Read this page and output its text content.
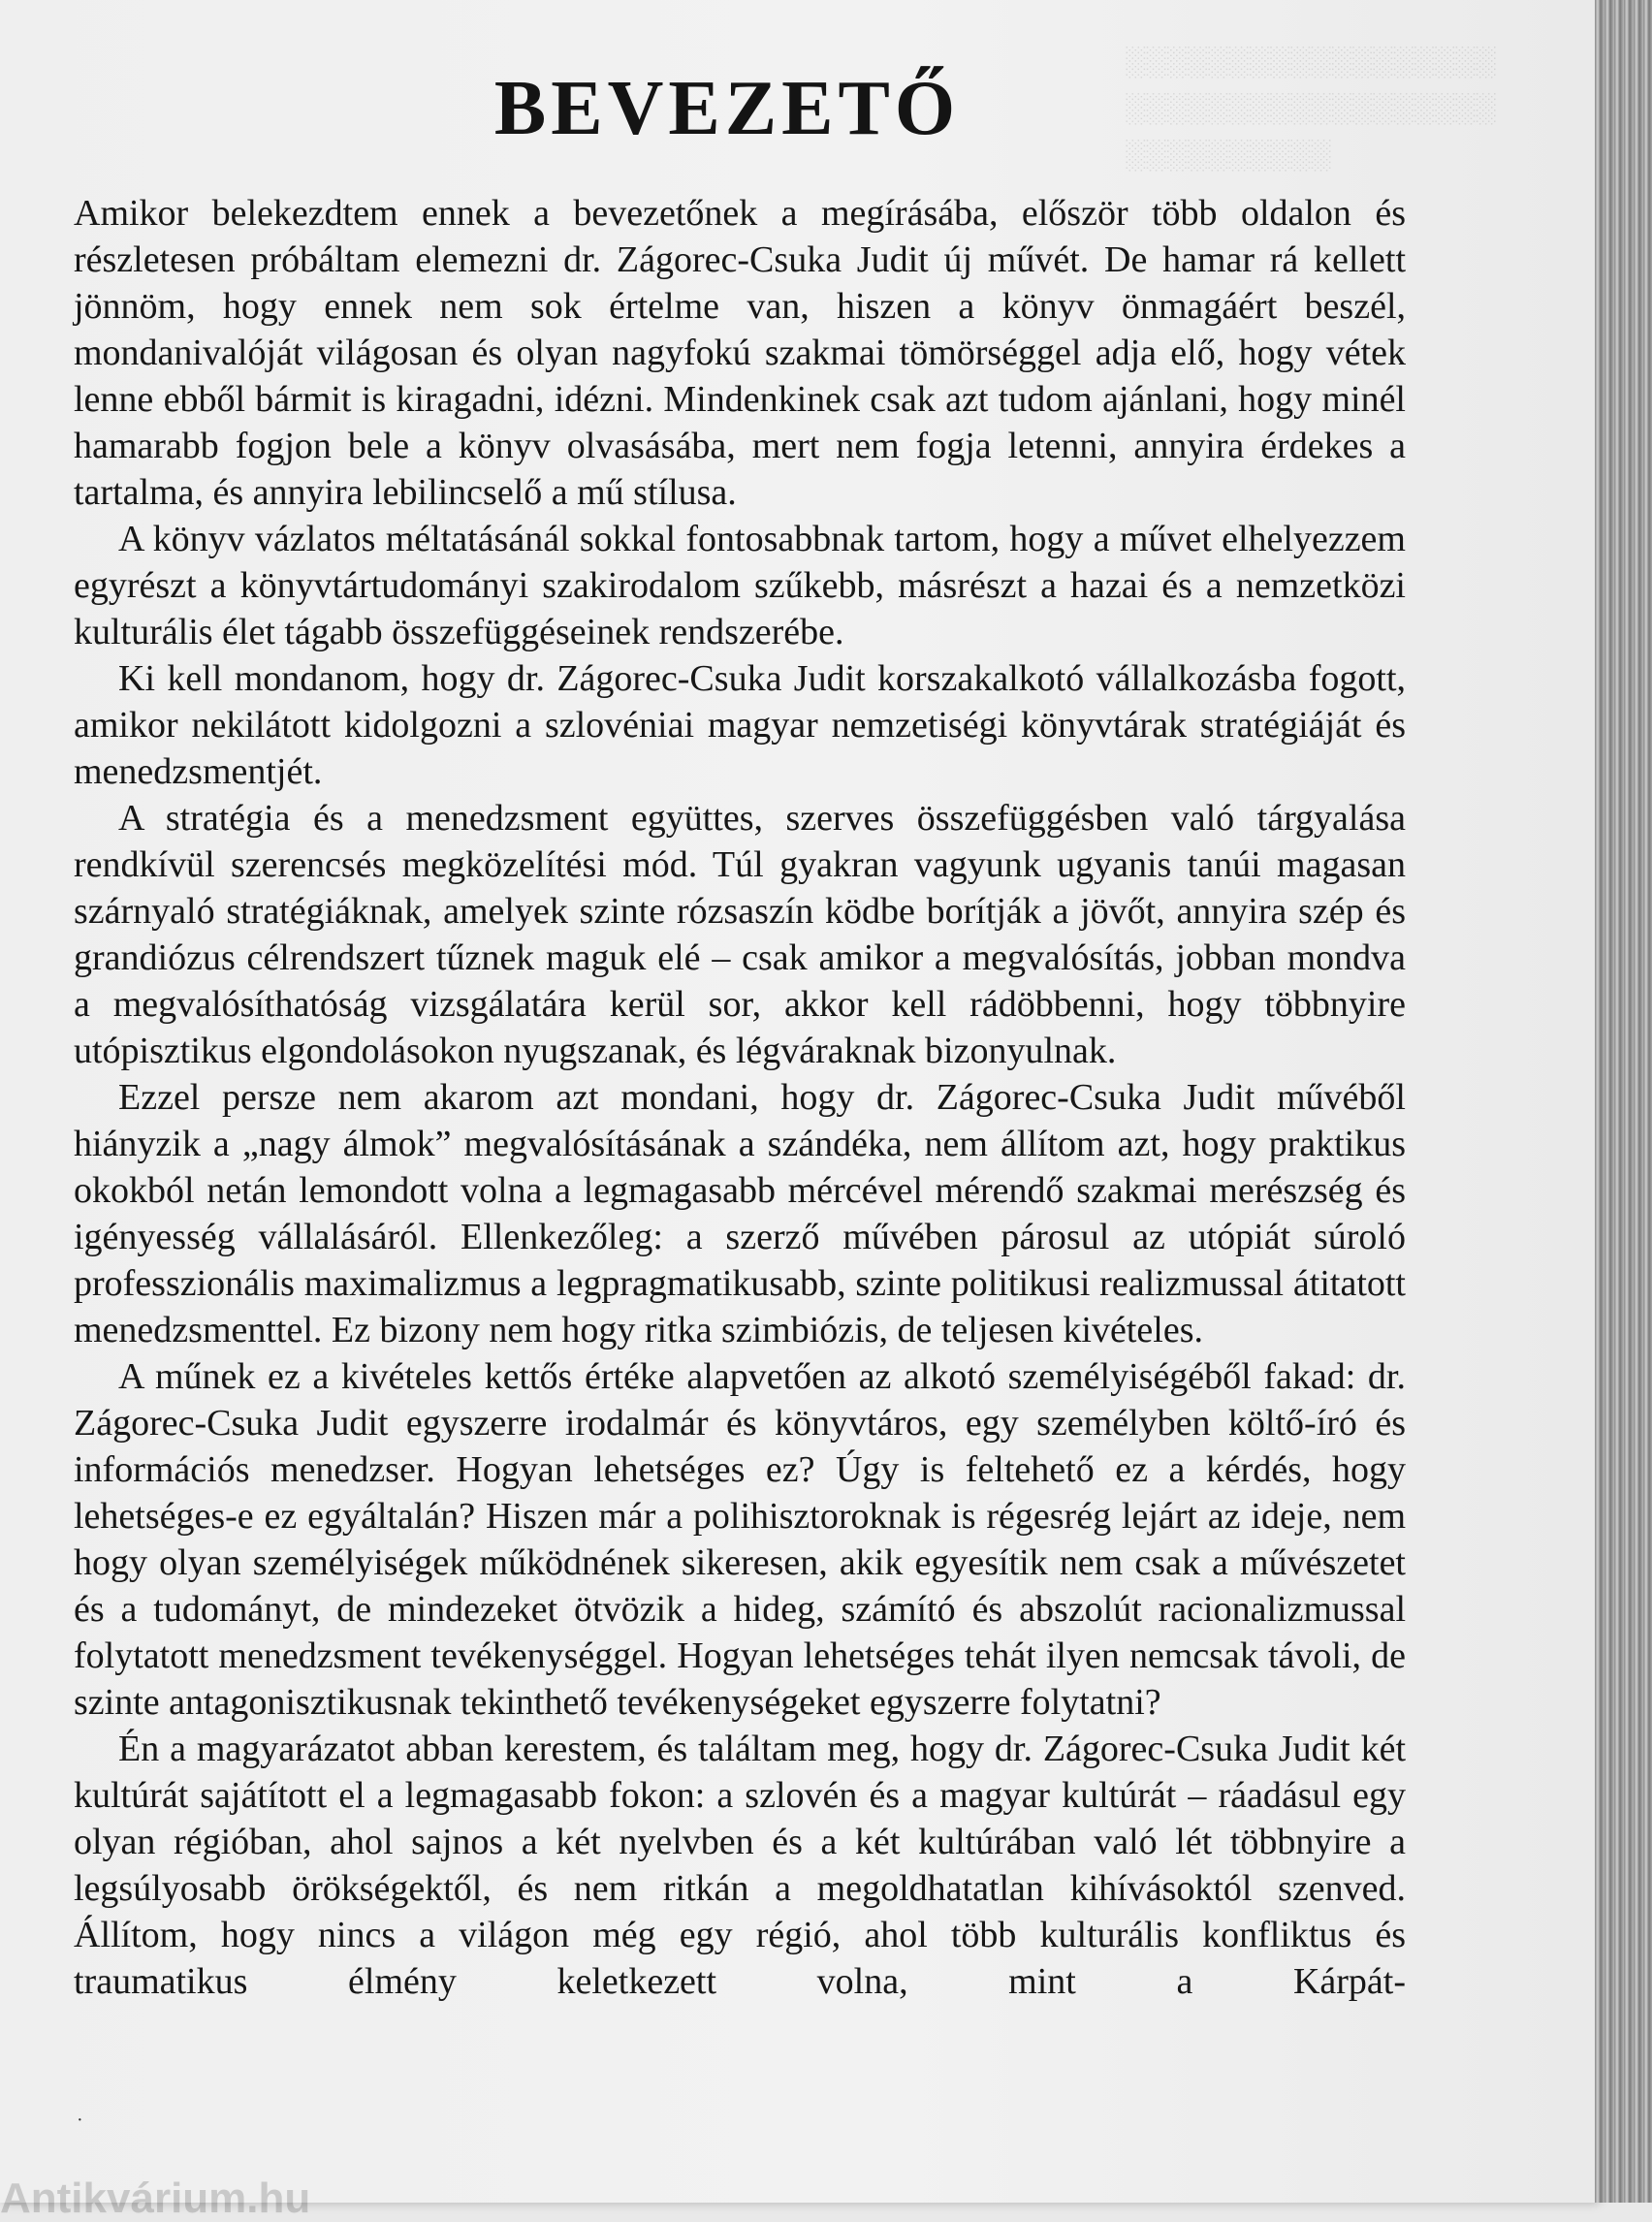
░░░░░░░░░░░░░░░░░░
░░░░░░░░░░░░░░░░░░
░░░░░░░░░░
BEVEZETŐ

Amikor belekezdtem ennek a bevezetőnek a megírásába, először több oldalon és részletesen próbáltam elemezni dr. Zágorec-Csuka Judit új művét. De hamar rá kellett jönnöm, hogy ennek nem sok értelme van, hiszen a könyv önmagáért beszél, mondanivalóját világosan és olyan nagyfokú szakmai tömörséggel adja elő, hogy vétek lenne ebből bármit is kiragadni, idézni. Mindenkinek csak azt tudom ajánlani, hogy minél hamarabb fogjon bele a könyv olvasásába, mert nem fogja letenni, annyira érdekes a tartalma, és annyira lebilincselő a mű stílusa.

A könyv vázlatos méltatásánál sokkal fontosabbnak tartom, hogy a művet elhelyezzem egyrészt a könyvtártudományi szakirodalom szűkebb, másrészt a hazai és a nemzetközi kulturális élet tágabb összefüggéseinek rendszerébe.

Ki kell mondanom, hogy dr. Zágorec-Csuka Judit korszakalkotó vállalkozásba fogott, amikor nekilátott kidolgozni a szlovéniai magyar nemzetiségi könyvtárak stratégiáját és menedzsmentjét.

A stratégia és a menedzsment együttes, szerves összefüggésben való tárgyalása rendkívül szerencsés megközelítési mód. Túl gyakran vagyunk ugyanis tanúi magasan szárnyaló stratégiáknak, amelyek szinte rózsaszín ködbe borítják a jövőt, annyira szép és grandiózus célrendszert tűznek maguk elé – csak amikor a megvalósítás, jobban mondva a megvalósíthatóság vizsgálatára kerül sor, akkor kell rádöbbenni, hogy többnyire utópisztikus elgondolásokon nyugszanak, és légváraknak bizonyulnak.

Ezzel persze nem akarom azt mondani, hogy dr. Zágorec-Csuka Judit művéből hiányzik a „nagy álmok” megvalósításának a szándéka, nem állítom azt, hogy praktikus okokból netán lemondott volna a legmagasabb mércével mérendő szakmai merészség és igényesség vállalásáról. Ellenkezőleg: a szerző művében párosul az utópiát súroló professzionális maximalizmus a legpragmatikusabb, szinte politikusi realizmussal átitatott menedzsmenttel. Ez bizony nem hogy ritka szimbiózis, de teljesen kivételes.

A műnek ez a kivételes kettős értéke alapvetően az alkotó személyiségéből fakad: dr. Zágorec-Csuka Judit egyszerre irodalmár és könyvtáros, egy személyben költő-író és információs menedzser. Hogyan lehetséges ez? Úgy is feltehető ez a kérdés, hogy lehetséges-e ez egyáltalán? Hiszen már a polihisztoroknak is régesrég lejárt az ideje, nem hogy olyan személyiségek működnének sikeresen, akik egyesítik nem csak a művészetet és a tudományt, de mindezeket ötvözik a hideg, számító és abszolút racionalizmussal folytatott menedzsment tevékenységgel. Hogyan lehetséges tehát ilyen nemcsak távoli, de szinte antagonisztikusnak tekinthető tevékenységeket egyszerre folytatni?

Én a magyarázatot abban kerestem, és találtam meg, hogy dr. Zágorec-Csuka Judit két kultúrát sajátított el a legmagasabb fokon: a szlovén és a magyar kultúrát – ráadásul egy olyan régióban, ahol sajnos a két nyelvben és a két kultúrában való lét többnyire a legsúlyosabb örökségektől, és nem ritkán a megoldhatatlan kihívásoktól szenved. Állítom, hogy nincs a világon még egy régió, ahol több kulturális konfliktus és traumatikus élmény keletkezett volna, mint a Kárpát-

·
Antikvárium.hu
